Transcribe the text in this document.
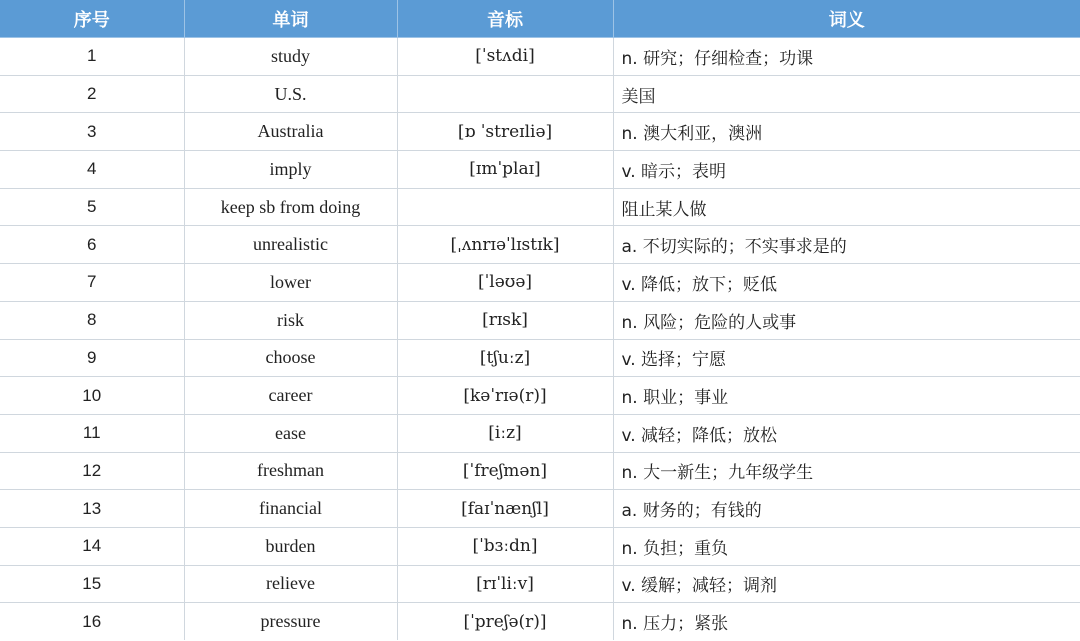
序号	单词	音标	词义
1	study	[ˈstʌdi]	n. 研究；仔细检查；功课
2	U.S.		美国
3	Australia	[ɒ ˈstreɪliə]	n. 澳大利亚，澳洲
4	imply	[ɪmˈplaɪ]	v. 暗示；表明
5	keep sb from doing		阻止某人做
6	unrealistic	[ˌʌnrɪəˈlɪstɪk]	a. 不切实际的；不实事求是的
7	lower	[ˈləʊə]	v. 降低；放下；贬低
8	risk	[rɪsk]	n. 风险；危险的人或事
9	choose	[tʃuːz]	v. 选择；宁愿
10	career	[kəˈrɪə(r)]	n. 职业；事业
11	ease	[iːz]	v. 减轻；降低；放松
12	freshman	[ˈfreʃmən]	n. 大一新生；九年级学生
13	financial	[faɪˈnænʃl]	a. 财务的；有钱的
14	burden	[ˈbɜːdn]	n. 负担；重负
15	relieve	[rɪˈliːv]	v. 缓解；减轻；调剂
16	pressure	[ˈpreʃə(r)]	n. 压力；紧张
